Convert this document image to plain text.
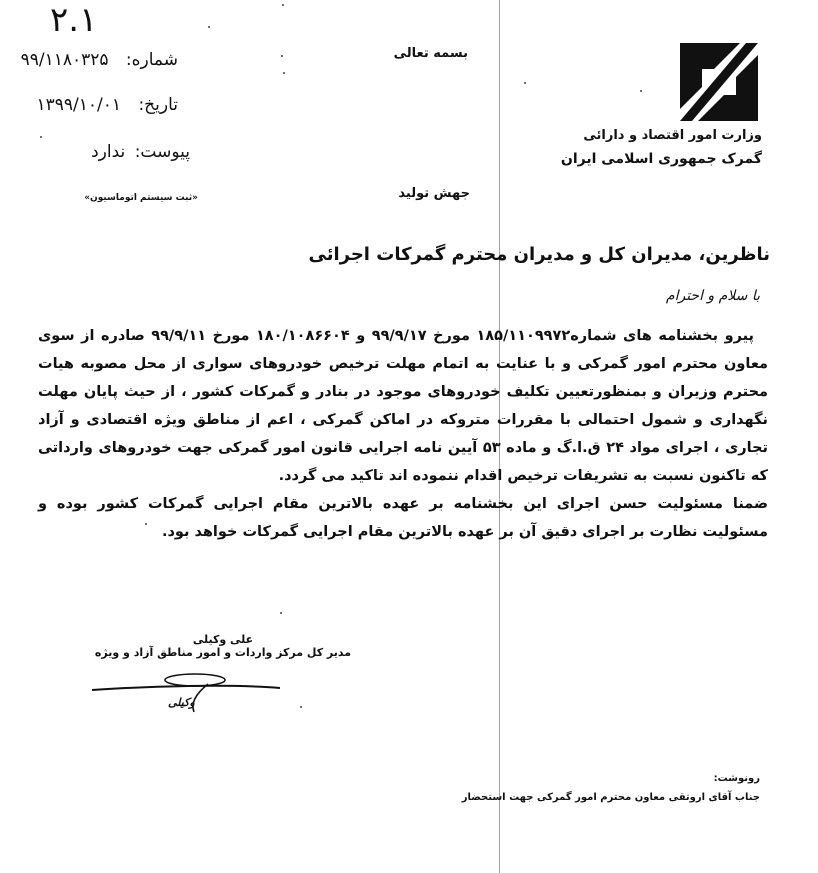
۲.۱
شماره: ۹۹/۱۱۸۰۳۲۵
تاریخ: ۱۳۹۹/۱۰/۰۱
پیوست: ندارد
«ثبت سیستم اتوماسیون»
بسمه تعالی
جهش تولید
وزارت امور اقتصاد و دارائی
گمرک جمهوری اسلامی ایران
ناظرین، مدیران کل و مدیران محترم گمرکات اجرائی
با سلام و احترام

پیرو بخشنامه های شماره۱۸۵/۱۱۰۹۹۷۲ مورخ ۹۹/۹/۱۷ و ۱۸۰/۱۰۸۶۶۰۴ مورخ ۹۹/۹/۱۱ صادره از سوی معاون محترم امور گمرکی و با عنایت به اتمام مهلت ترخیص خودروهای سواری از محل مصوبه هیات محترم وزیران و بمنظورتعیین تکلیف خودروهای موجود در بنادر و گمرکات کشور ، از حیث پایان مهلت نگهداری و شمول احتمالی با مقررات متروکه در اماکن گمرکی ، اعم از مناطق ویژه اقتصادی و آزاد تجاری ، اجرای مواد ۲۴ ق.ا.گ و ماده ۵۳ آیین نامه اجرایی قانون امور گمرکی جهت خودروهای وارداتی که تاکنون نسبت به تشریفات ترخیص اقدام ننموده اند تاکید می گردد.

ضمنا مسئولیت حسن اجرای این بخشنامه بر عهده بالاترین مقام اجرایی گمرکات کشور بوده و مسئولیت نظارت بر اجرای دقیق آن بر عهده بالاترین مقام اجرایی گمرکات خواهد بود.

علی وکیلی
مدیر کل مرکز واردات و امور مناطق آزاد و ویژه
وکیلی
رونوشت:
جناب آقای اروتقی معاون محترم امور گمرکی جهت استحضار
